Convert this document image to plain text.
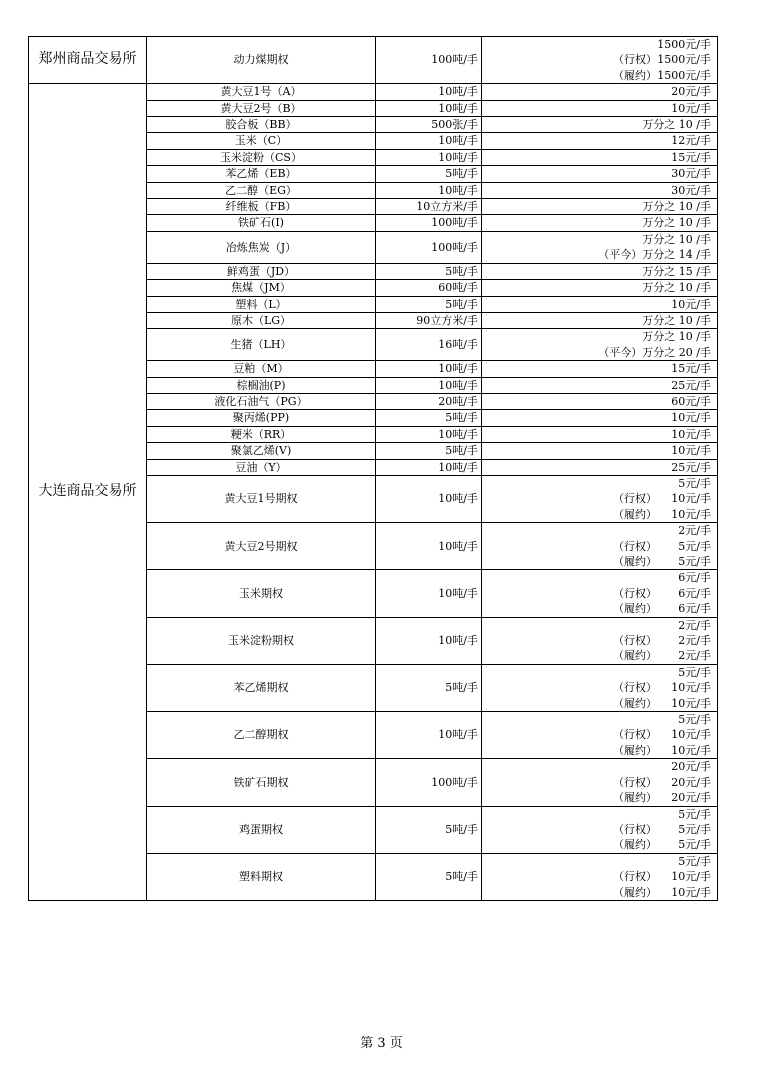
郑州商品交易所	动力煤期权	100吨/手	1500元/手
（行权） 1500元/手
（履约） 1500元/手

大连商品交易所	黄大豆1号（A）	10吨/手	20元/手

	黄大豆2号（B）	10吨/手	10元/手

	胶合板（BB）	500张/手	万分之 10 /手

	玉米（C）	10吨/手	12元/手

	玉米淀粉（CS）	10吨/手	15元/手

	苯乙烯（EB）	5吨/手	30元/手

	乙二醇（EG）	10吨/手	30元/手

	纤维板（FB）	10立方米/手	万分之 10 /手

	铁矿石(I)	100吨/手	万分之 10 /手

	冶炼焦炭（J）	100吨/手	万分之 10 /手
（平今）万分之 14 /手

	鲜鸡蛋（JD）	5吨/手	万分之 15 /手

	焦煤（JM）	60吨/手	万分之 10 /手

	塑料（L）	5吨/手	10元/手

	原木（LG）	90立方米/手	万分之 10 /手

	生猪（LH）	16吨/手	万分之 10 /手
（平今）万分之 20 /手

	豆粕（M）	10吨/手	15元/手

	棕榈油(P)	10吨/手	25元/手

	液化石油气（PG）	20吨/手	60元/手

	聚丙烯(PP)	5吨/手	10元/手

	粳米（RR）	10吨/手	10元/手

	聚氯乙烯(V)	5吨/手	10元/手

	豆油（Y）	10吨/手	25元/手

	黄大豆1号期权	10吨/手	5元/手
（行权） 10元/手
（履约） 10元/手

	黄大豆2号期权	10吨/手	2元/手
（行权） 5元/手
（履约） 5元/手

	玉米期权	10吨/手	6元/手
（行权） 6元/手
（履约） 6元/手

	玉米淀粉期权	10吨/手	2元/手
（行权） 2元/手
（履约） 2元/手

	苯乙烯期权	5吨/手	5元/手
（行权） 10元/手
（履约） 10元/手

	乙二醇期权	10吨/手	5元/手
（行权） 10元/手
（履约） 10元/手

	铁矿石期权	100吨/手	20元/手
（行权） 20元/手
（履约） 20元/手

	鸡蛋期权	5吨/手	5元/手
（行权） 5元/手
（履约） 5元/手

	塑料期权	5吨/手	5元/手
（行权） 10元/手
（履约） 10元/手
第 3 页
